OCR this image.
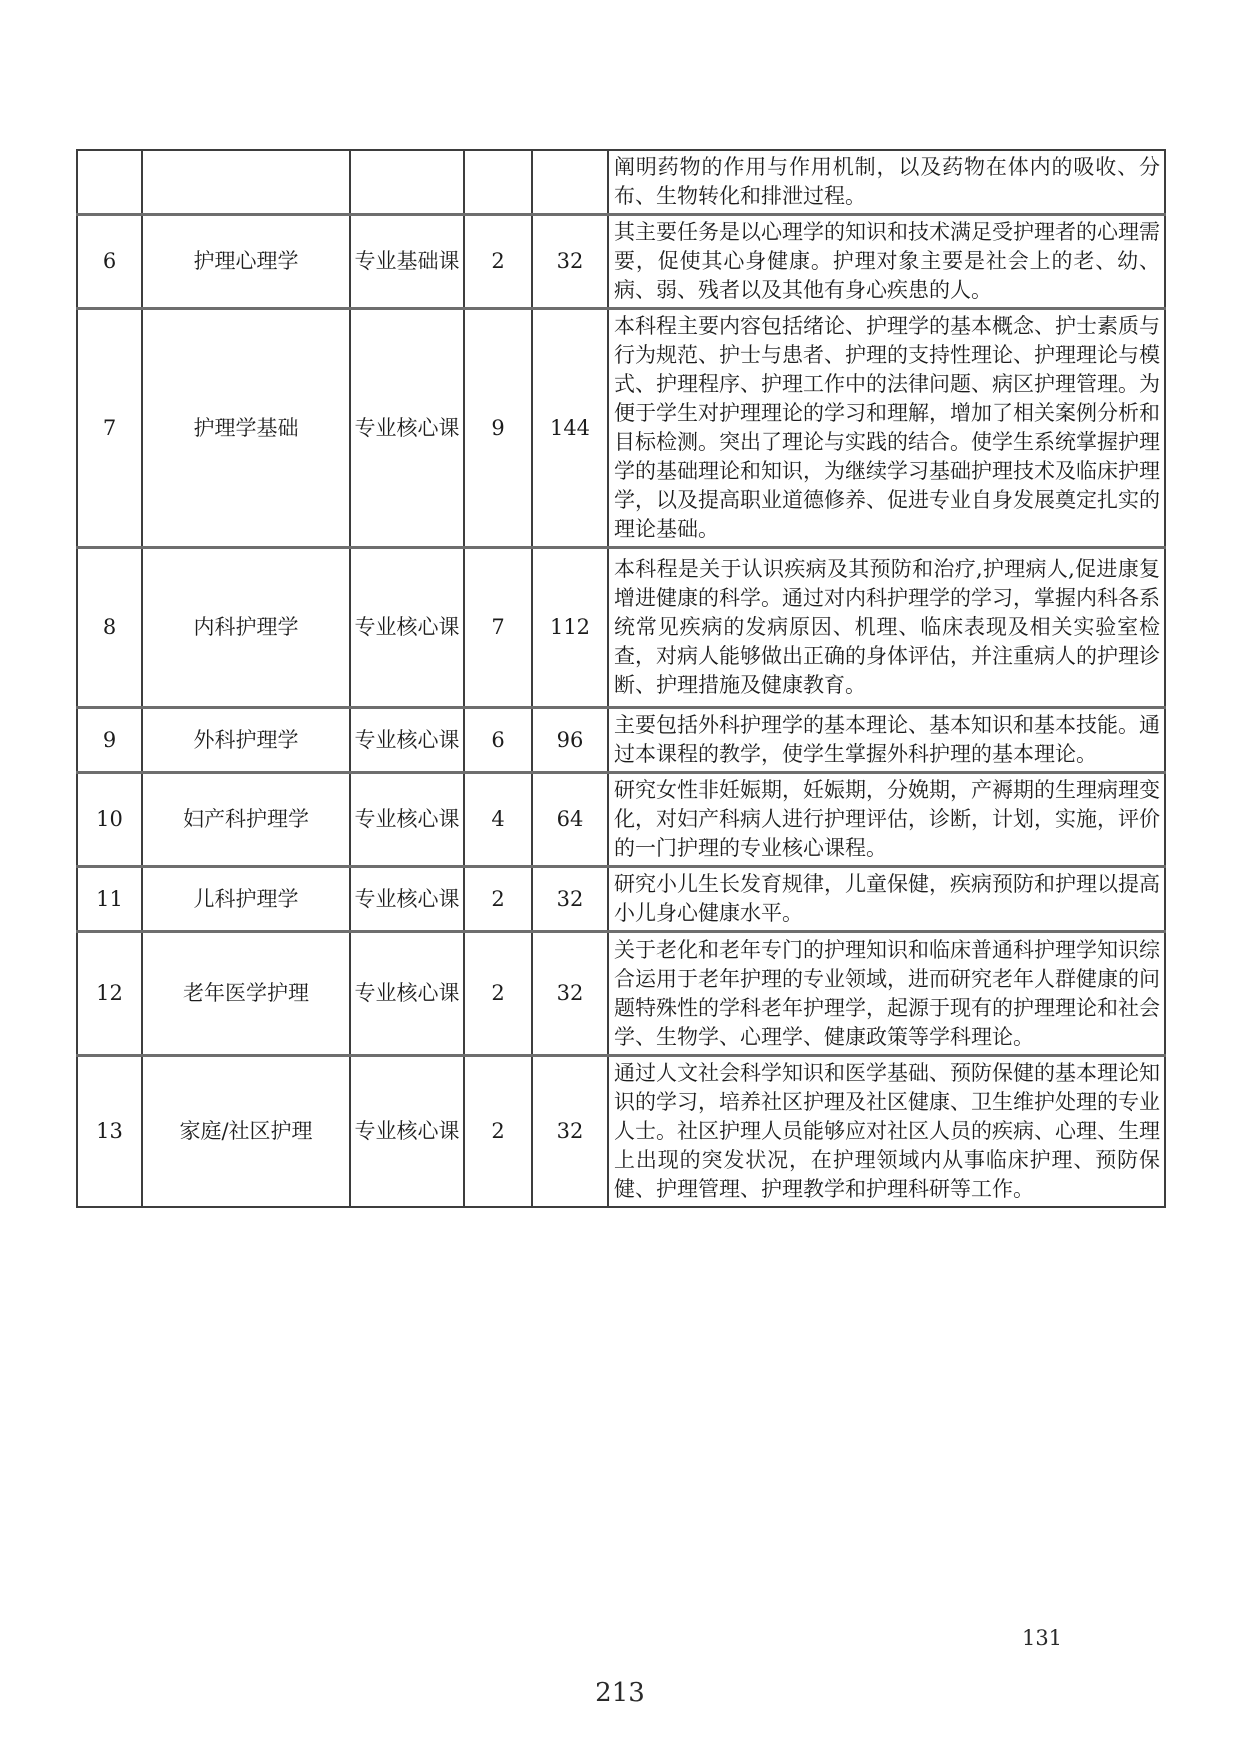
					阐明药物的作用与作用机制，以及药物在体内的吸收、分布、生物转化和排泄过程。
6	护理心理学	专业基础课	2	32	其主要任务是以心理学的知识和技术满足受护理者的心理需要，促使其心身健康。护理对象主要是社会上的老、幼、病、弱、残者以及其他有身心疾患的人。
7	护理学基础	专业核心课	9	144	本科程主要内容包括绪论、护理学的基本概念、护士素质与行为规范、护士与患者、护理的支持性理论、护理理论与模式、护理程序、护理工作中的法律问题、病区护理管理。为便于学生对护理理论的学习和理解，增加了相关案例分析和目标检测。突出了理论与实践的结合。使学生系统掌握护理学的基础理论和知识，为继续学习基础护理技术及临床护理学，以及提高职业道德修养、促进专业自身发展奠定扎实的理论基础。
8	内科护理学	专业核心课	7	112	本科程是关于认识疾病及其预防和治疗,护理病人,促进康复增进健康的科学。通过对内科护理学的学习，掌握内科各系统常见疾病的发病原因、机理、临床表现及相关实验室检查，对病人能够做出正确的身体评估，并注重病人的护理诊断、护理措施及健康教育。
9	外科护理学	专业核心课	6	96	主要包括外科护理学的基本理论、基本知识和基本技能。通过本课程的教学，使学生掌握外科护理的基本理论。
10	妇产科护理学	专业核心课	4	64	研究女性非妊娠期，妊娠期，分娩期，产褥期的生理病理变化，对妇产科病人进行护理评估，诊断，计划，实施，评价的一门护理的专业核心课程。
11	儿科护理学	专业核心课	2	32	研究小儿生长发育规律，儿童保健，疾病预防和护理以提高小儿身心健康水平。
12	老年医学护理	专业核心课	2	32	关于老化和老年专门的护理知识和临床普通科护理学知识综合运用于老年护理的专业领域，进而研究老年人群健康的问题特殊性的学科老年护理学，起源于现有的护理理论和社会学、生物学、心理学、健康政策等学科理论。
13	家庭/社区护理	专业核心课	2	32	通过人文社会科学知识和医学基础、预防保健的基本理论知识的学习，培养社区护理及社区健康、卫生维护处理的专业人士。社区护理人员能够应对社区人员的疾病、心理、生理上出现的突发状况，在护理领域内从事临床护理、预防保健、护理管理、护理教学和护理科研等工作。
131
213
